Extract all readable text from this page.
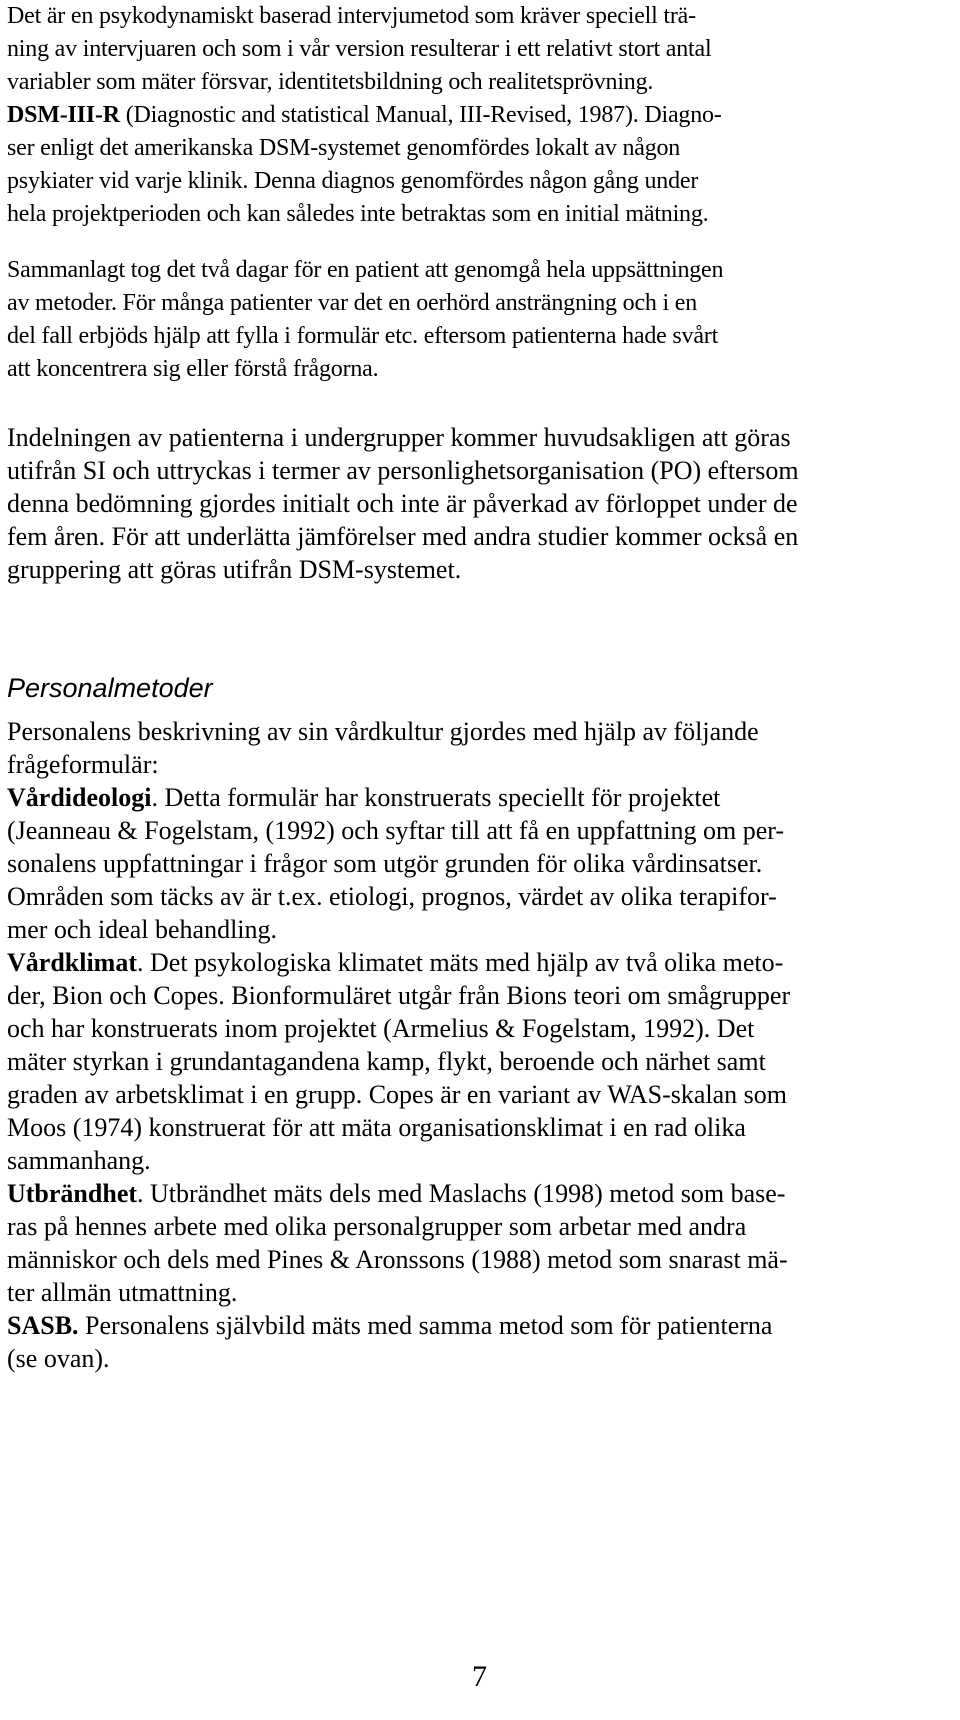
Det är en psykodynamiskt baserad intervjumetod som kräver speciell trä-
ning av intervjuaren och som i vår version resulterar i ett relativt stort antal
variabler som mäter försvar, identitetsbildning och realitetsprövning.
DSM-III-R (Diagnostic and statistical Manual, III-Revised, 1987). Diagno-
ser enligt det amerikanska DSM-systemet genomfördes lokalt av någon
psykiater vid varje klinik. Denna diagnos genomfördes någon gång under
hela projektperioden och kan således inte betraktas som en initial mätning.

Sammanlagt tog det två dagar för en patient att genomgå hela uppsättningen
av metoder. För många patienter var det en oerhörd ansträngning och i en
del fall erbjöds hjälp att fylla i formulär etc. eftersom patienterna hade svårt
att koncentrera sig eller förstå frågorna.

Indelningen av patienterna i undergrupper kommer huvudsakligen att göras
utifrån SI och uttryckas i termer av personlighetsorganisation (PO) eftersom
denna bedömning gjordes initialt och inte är påverkad av förloppet under de
fem åren. För att underlätta jämförelser med andra studier kommer också en
gruppering att göras utifrån DSM-systemet.

Personalmetoder

Personalens beskrivning av sin vårdkultur gjordes med hjälp av följande
frågeformulär:
Vårdideologi. Detta formulär har konstruerats speciellt för projektet
(Jeanneau & Fogelstam, (1992) och syftar till att få en uppfattning om per-
sonalens uppfattningar i frågor som utgör grunden för olika vårdinsatser.
Områden som täcks av är t.ex. etiologi, prognos, värdet av olika terapifor-
mer och ideal behandling.
Vårdklimat. Det psykologiska klimatet mäts med hjälp av två olika meto-
der, Bion och Copes. Bionformuläret utgår från Bions teori om smågrupper
och har konstruerats inom projektet (Armelius & Fogelstam, 1992). Det
mäter styrkan i grundantagandena kamp, flykt, beroende och närhet samt
graden av arbetsklimat i en grupp. Copes är en variant av WAS-skalan som
Moos (1974) konstruerat för att mäta organisationsklimat i en rad olika
sammanhang.
Utbrändhet. Utbrändhet mäts dels med Maslachs (1998) metod som base-
ras på hennes arbete med olika personalgrupper som arbetar med andra
människor och dels med Pines & Aronssons (1988) metod som snarast mä-
ter allmän utmattning.
SASB. Personalens självbild mäts med samma metod som för patienterna
(se ovan).

7
